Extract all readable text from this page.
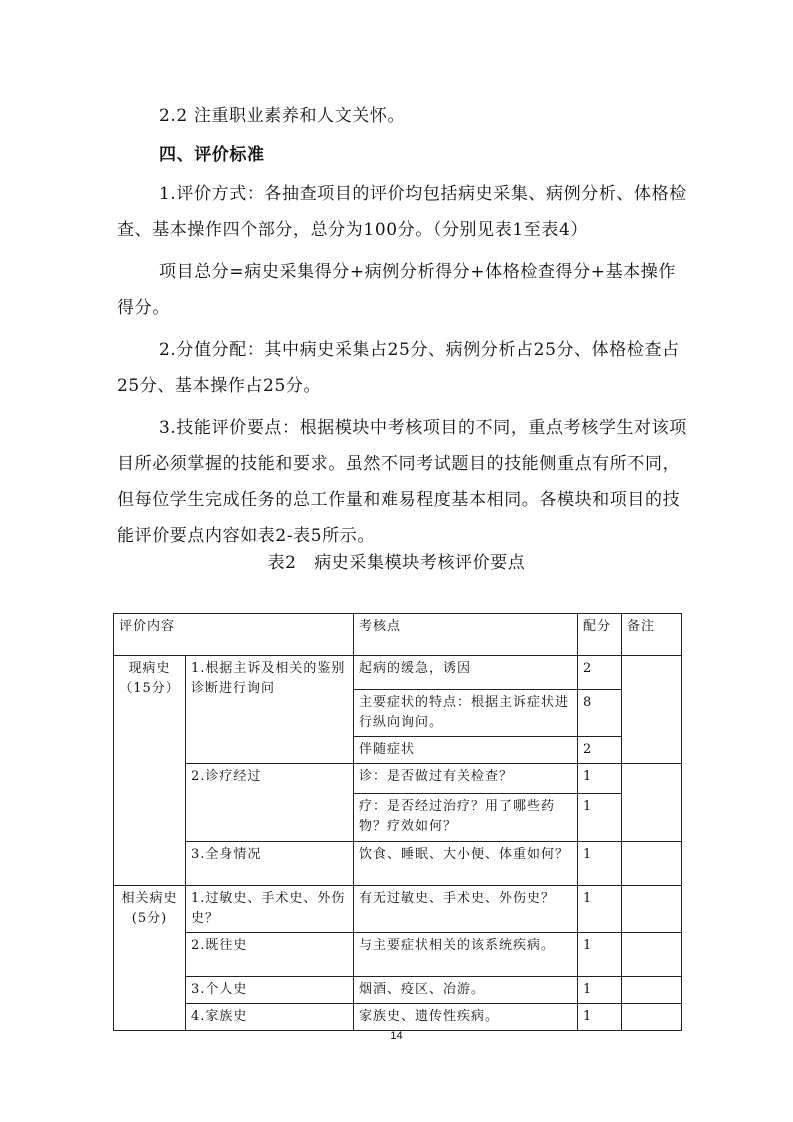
2.2 注重职业素养和人文关怀。

四、评价标准

1.评价方式：各抽查项目的评价均包括病史采集、病例分析、体格检查、基本操作四个部分，总分为100分。（分别见表1至表4）

项目总分=病史采集得分+病例分析得分+体格检查得分+基本操作得分。

2.分值分配：其中病史采集占25分、病例分析占25分、体格检查占25分、基本操作占25分。

3.技能评价要点：根据模块中考核项目的不同，重点考核学生对该项目所必须掌握的技能和要求。虽然不同考试题目的技能侧重点有所不同，但每位学生完成任务的总工作量和难易程度基本相同。各模块和项目的技能评价要点内容如表2-表5所示。

表2　病史采集模块考核评价要点
评价内容		考核点	配分	备注
现病史（15分）	1.根据主诉及相关的鉴别诊断进行询问	起病的缓急，诱因	2	
		主要症状的特点：根据主诉症状进行纵向询问。	8	
		伴随症状	2	
	2.诊疗经过	诊：是否做过有关检查？	1	
		疗：是否经过治疗？用了哪些药物？疗效如何？	1	
	3.全身情况	饮食、睡眠、大小便、体重如何？	1	
相关病史(5分)	1.过敏史、手术史、外伤史？	有无过敏史、手术史、外伤史？	1	
	2.既往史	与主要症状相关的该系统疾病。	1	
	3.个人史	烟酒、疫区、冶游。	1	
	4.家族史	家族史、遗传性疾病。	1	
14
